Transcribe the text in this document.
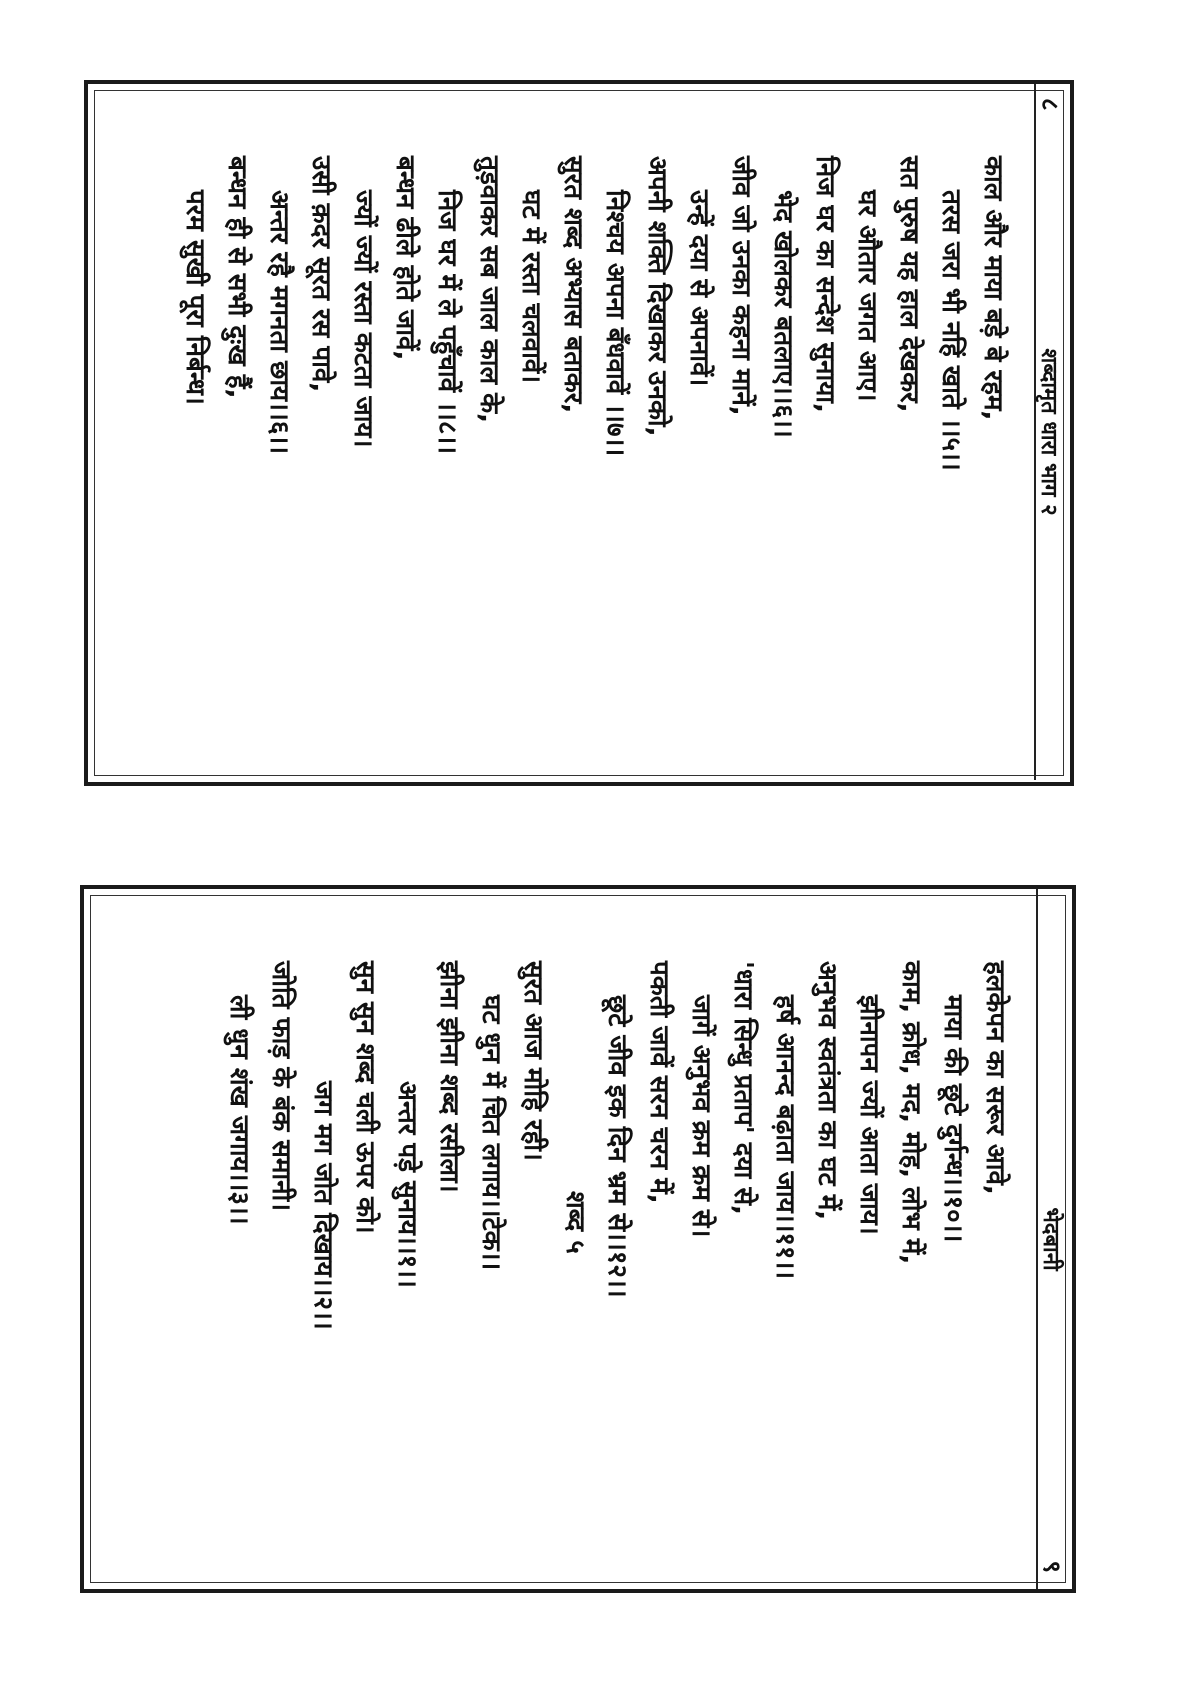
८
शब्दामृत धारा भाग २
काल और माया बड़े बे रहम,
तरस जरा भी नहिं खाते ।।५।।
सत पुरुष यह हाल देखकर,
घर औतार जगत आए।
निज घर का सन्देश सुनाया,
भेद खोलकर बतलाए।।६।।
जीव जो उनका कहना मानें,
उन्हें दया से अपनावें।
अपनी शक्ति दिखाकर उनको,
निश्चय अपना बँधवावें ।।७।।
सुरत शब्द अभ्यास बताकर,
घट में रस्ता चलवावें।
तुड़वाकर सब जाल काल के,
निज घर में ले पहुँचावें ।।८।।
बन्धन ढीले होते जावें,
ज्यों ज्यों रस्ता कटता जाय।
उसी क़दर सूरत रस पावे,
अन्तर रहै मगनता छाय।।६।।
बन्धन ही से सभी दुःख हैं,
परम सुखी पूरा निर्बन्ध।
भेदबानी
९
हलकेपन का सरूर आवे,
माया की छूटे दुर्गन्ध।।१०।।
काम, क्रोध, मद, मोह, लोभ में,
झीनापन ज्यों आता जाय।
अनुभव स्वतंत्रता का घट में,
हर्ष आनन्द बढ़ाता जाय।।११।।
'धारा सिन्धु प्रताप' दया से,
जागें अनुभव क्रम क्रम से।
पकती जावें सरन चरन में,
छूटे जीव इक दिन भ्रम से।।१२।।
शब्द ५
सुरत आज मोहि रही।
घट धुन में चित लगाय।।टेक।।
झीना झीना शब्द रसीला।
अन्तर पड़े सुनाय।।१।।
सुन सुन शब्द चली ऊपर को।
जग मग जोत दिखाय।।२।।
जोति फाड़ के बंक समानी।
ली धुन शंख जगाय।।३।।
